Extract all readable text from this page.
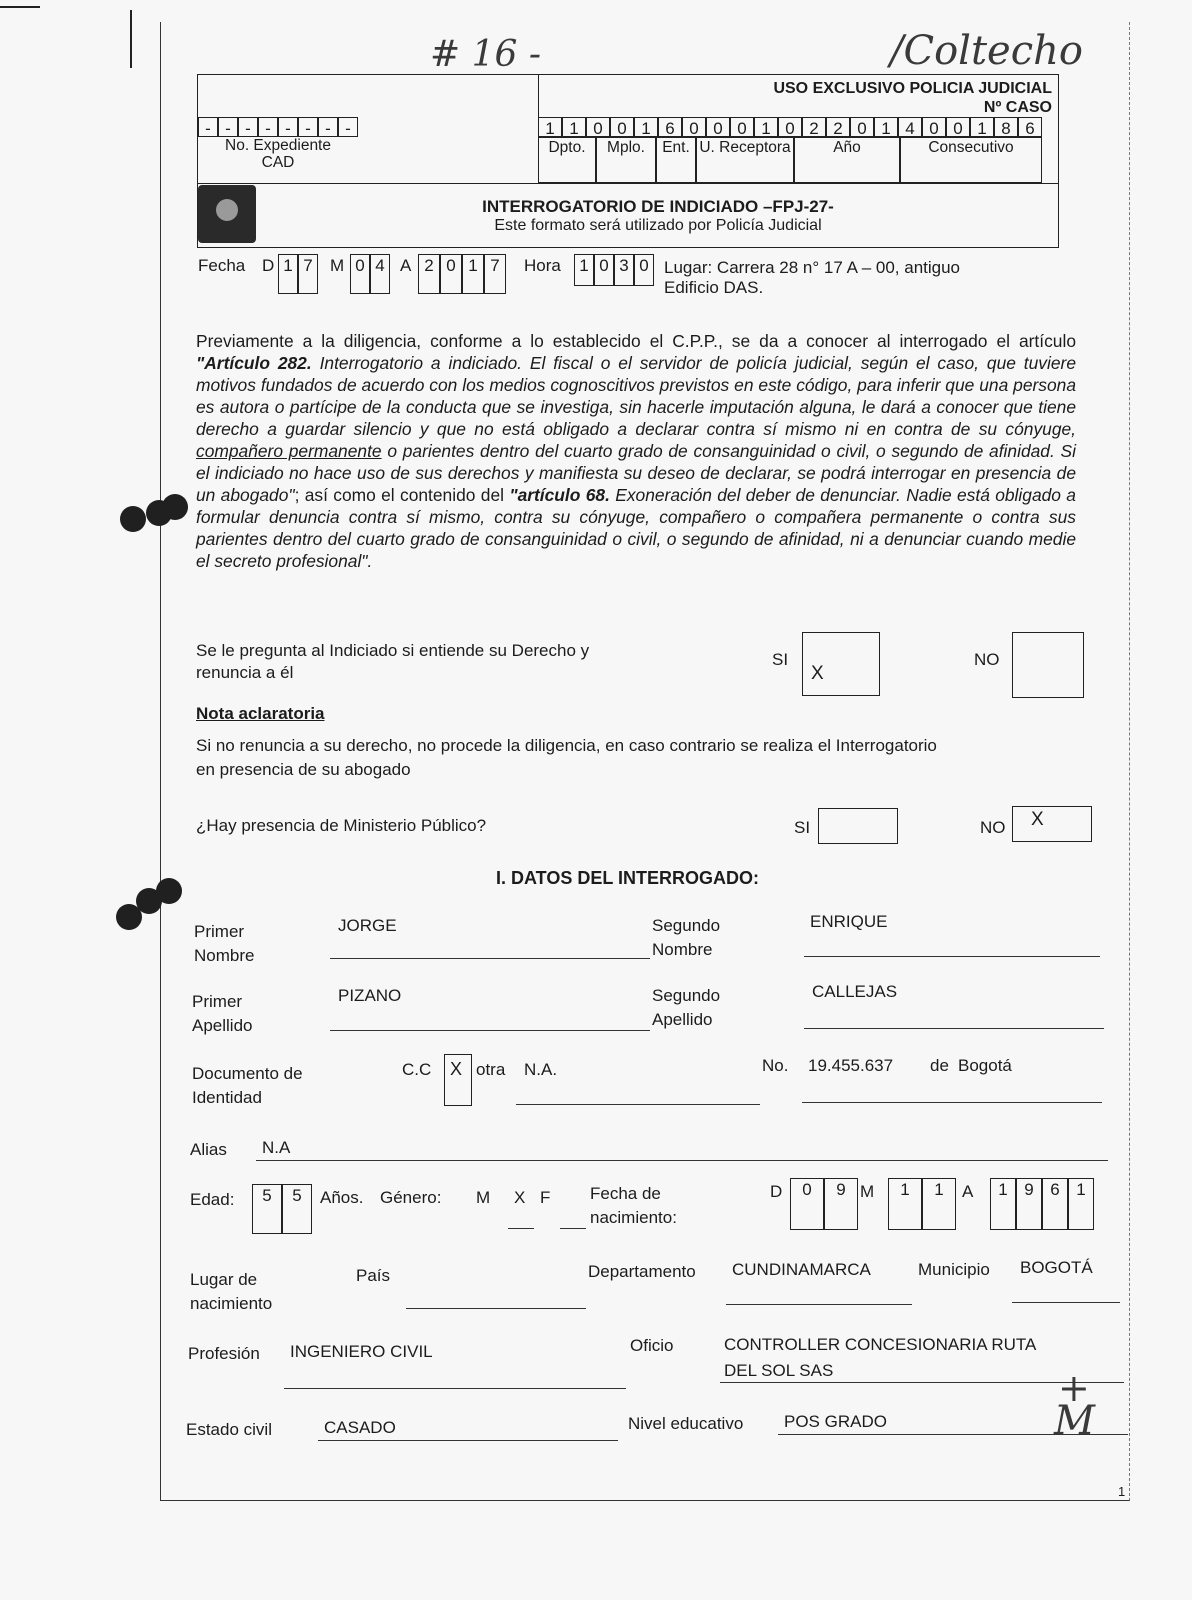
# 16 -	/Coltecho
M
+
USO EXCLUSIVO POLICIA JUDICIAL
Nº CASO
- - - - - - - -
No. Expediente
CAD
1 1 0 0 1 6 0 0 0 1 0 2 2 0 1 4 0 0 1 8 6
Dpto.	Mplo.	Ent. U. Receptora	Año	Consecutivo
INTERROGATORIO DE INDICIADO –FPJ-27-
Este formato será utilizado por Policía Judicial
Fecha D 1 7	M 0 4 A 2 0 1 7	Hora	1 0 3 0 Lugar: Carrera 28 n° 17 A – 00, antiguo
Edificio DAS.
Previamente a la diligencia, conforme a lo establecido el C.P.P., se da a conocer al interrogado el artículo "Artículo 282. Interrogatorio a indiciado. El fiscal o el servidor de policía judicial, según el caso, que tuviere motivos fundados de acuerdo con los medios cognoscitivos previstos en este código, para inferir que una persona es autora o partícipe de la conducta que se investiga, sin hacerle imputación alguna, le dará a conocer que tiene derecho a guardar silencio y que no está obligado a declarar contra sí mismo ni en contra de su cónyuge, compañero permanente o parientes dentro del cuarto grado de consanguinidad o civil, o segundo de afinidad. Si el indiciado no hace uso de sus derechos y manifiesta su deseo de declarar, se podrá interrogar en presencia de un abogado"; así como el contenido del "artículo 68. Exoneración del deber de denunciar. Nadie está obligado a formular denuncia contra sí mismo, contra su cónyuge, compañero o compañera permanente o contra sus parientes dentro del cuarto grado de consanguinidad o civil, o segundo de afinidad, ni a denunciar cuando medie el secreto profesional".
Se le pregunta al Indiciado si entiende su Derecho y
renuncia a él
SI
X
NO
Nota aclaratoria
Si no renuncia a su derecho, no procede la diligencia, en caso contrario se realiza el Interrogatorio
en presencia de su abogado
¿Hay presencia de Ministerio Público?	SI	NO X
I. DATOS DEL INTERROGADO:
Primer
Nombre
JORGE	Segundo
Nombre
ENRIQUE
Primer
Apellido
PIZANO	Segundo
Apellido
CALLEJAS
Documento de
Identidad
C.C X otra N.A.	No. 19.455.637 de Bogotá
Alias N.A
Edad:	5	5	Años. Género: M X F Fecha de
nacimiento:
D	0	9 M	1	1	A	1 9 6 1
Lugar de
nacimiento
País	Departamento CUNDINAMARCA	Municipio BOGOTÁ
Profesión INGENIERO CIVIL	Oficio	CONTROLLER CONCESIONARIA RUTA
DEL SOL SAS
Estado civil	CASADO	Nivel educativo POS GRADO
1
